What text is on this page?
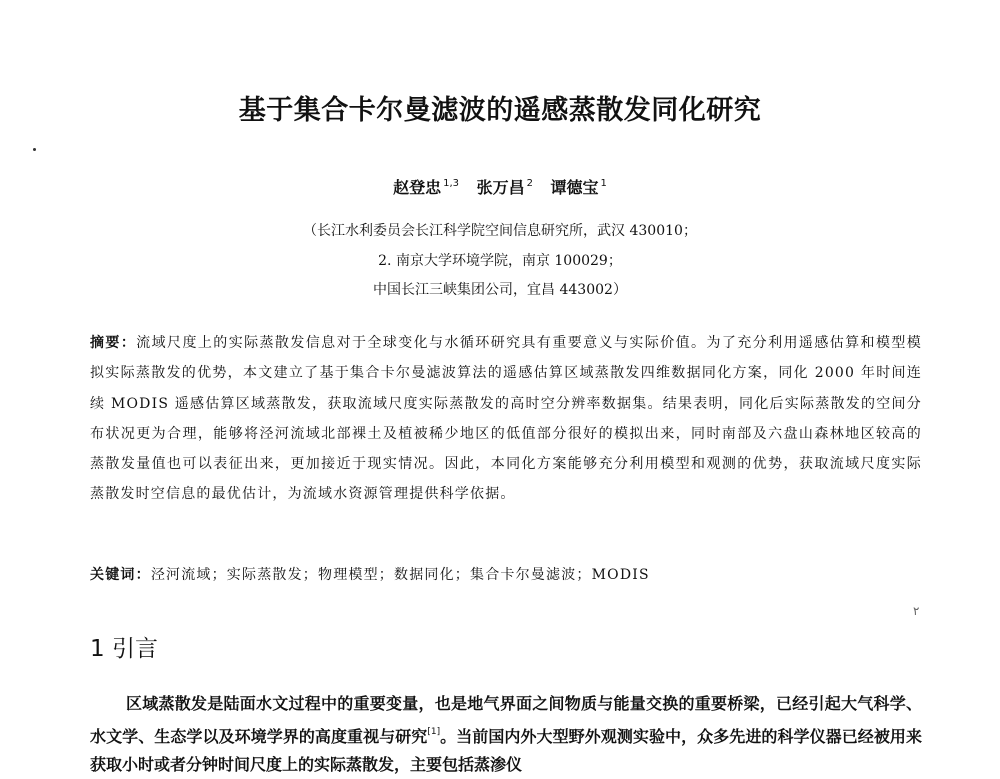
٢
基于集合卡尔曼滤波的遥感蒸散发同化研究
赵登忠 $^{1,3}$ 张万昌 $^2$ 谭德宝 $^1$
（长江水利委员会长江科学院空间信息研究所，武汉 430010；
2. 南京大学环境学院，南京 100029；
中国长江三峡集团公司，宜昌 443002）
摘要：流域尺度上的实际蒸散发信息对于全球变化与水循环研究具有重要意义与实际价值。为了充分利用遥感估算和模型模拟实际蒸散发的优势，本文建立了基于集合卡尔曼滤波算法的遥感估算区域蒸散发四维数据同化方案，同化 2000 年时间连续 MODIS 遥感估算区域蒸散发，获取流域尺度实际蒸散发的高时空分辨率数据集。结果表明，同化后实际蒸散发的空间分布状况更为合理，能够将泾河流域北部裸土及植被稀少地区的低值部分很好的模拟出来，同时南部及六盘山森林地区较高的蒸散发量值也可以表征出来，更加接近于现实情况。因此，本同化方案能够充分利用模型和观测的优势，获取流域尺度实际蒸散发时空信息的最优估计，为流域水资源管理提供科学依据。
关键词：泾河流域；实际蒸散发；物理模型；数据同化；集合卡尔曼滤波；MODIS
1 引言
区域蒸散发是陆面水文过程中的重要变量，也是地气界面之间物质与能量交换的重要桥梁，已经引起大气科学、水文学、生态学以及环境学界的高度重视与研究[1]。当前国内外大型野外观测实验中，众多先进的科学仪器已经被用来获取小时或者分钟时间尺度上的实际蒸散发，主要包括蒸渗仪
